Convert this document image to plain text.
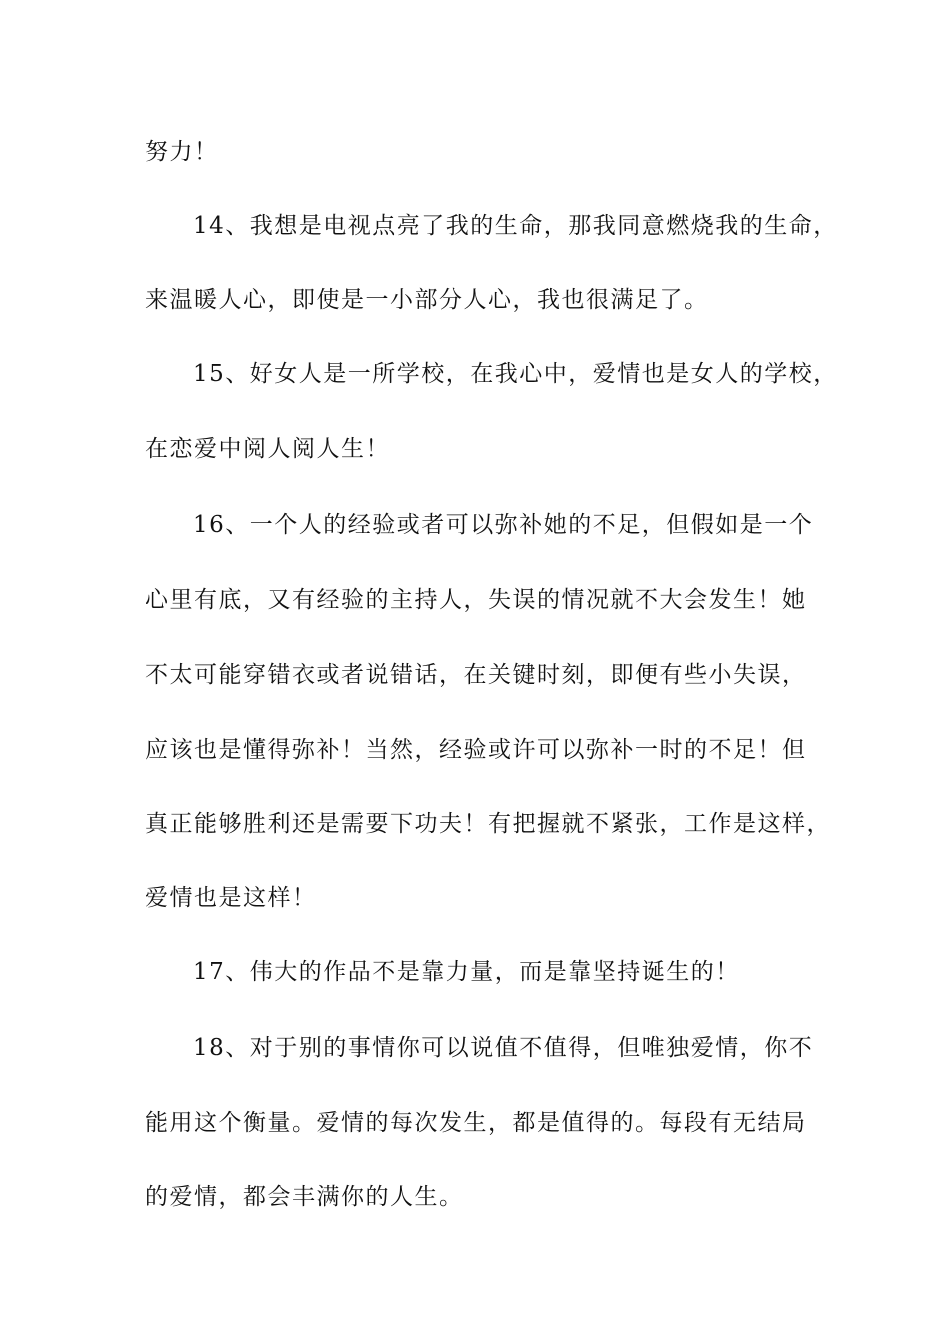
努力！

14、我想是电视点亮了我的生命，那我同意燃烧我的生命，

来温暖人心，即使是一小部分人心，我也很满足了。

15、好女人是一所学校，在我心中，爱情也是女人的学校，

在恋爱中阅人阅人生！

16、一个人的经验或者可以弥补她的不足，但假如是一个

心里有底，又有经验的主持人，失误的情况就不大会发生！她

不太可能穿错衣或者说错话，在关键时刻，即便有些小失误，

应该也是懂得弥补！当然，经验或许可以弥补一时的不足！但

真正能够胜利还是需要下功夫！有把握就不紧张，工作是这样，

爱情也是这样！

17、伟大的作品不是靠力量，而是靠坚持诞生的！

18、对于别的事情你可以说值不值得，但唯独爱情，你不

能用这个衡量。爱情的每次发生，都是值得的。每段有无结局

的爱情，都会丰满你的人生。
